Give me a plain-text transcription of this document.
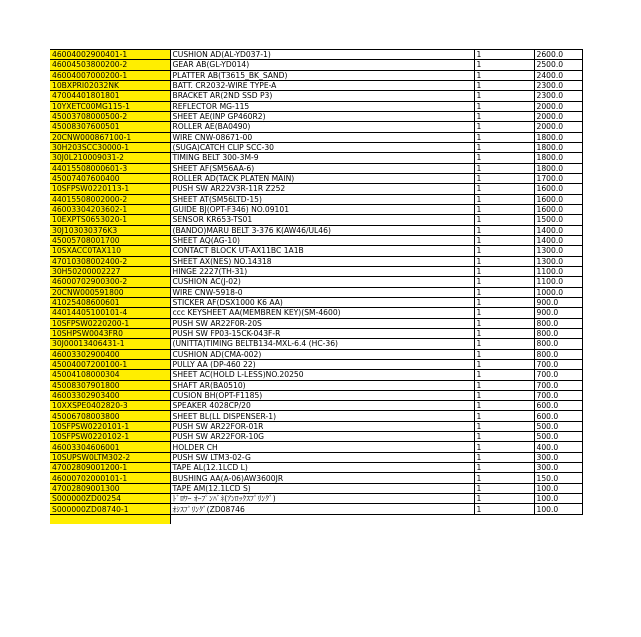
46004002900401-1	CUSHION AD(AL-YD037-1)	1	2600.0
46004503800200-2	GEAR AB(GL-YD014)	1	2500.0
46004007000200-1	PLATTER AB(T3615_BK_SAND)	1	2400.0
10BXPRI02032NK	BATT. CR2032-WIRE TYPE-A	1	2300.0
47004401801801	BRACKET AR(2ND SSD P3)	1	2300.0
10YXETC00MG115-1	REFLECTOR MG-115	1	2000.0
45003708000500-2	SHEET AE(INP GP460R2)	1	2000.0
45008307600501	ROLLER AE(BA0490)	1	2000.0
20CNW000867100-1	WIRE CNW-08671-00	1	1800.0
30H203SCC30000-1	(SUGA)CATCH CLIP SCC-30	1	1800.0
30J0L210009031-2	TIMING BELT 300-3M-9	1	1800.0
44015508000601-3	SHEET AF(SM56AA-6)	1	1800.0
45007407600400	ROLLER AD(TACK PLATEN MAIN)	1	1700.0
10SFPSW0220113-1	PUSH SW AR22V3R-11R Z252	1	1600.0
44015508002000-2	SHEET AT(SM56LTD-15)	1	1600.0
46003304203602-1	GUIDE BJ(OPT-F346) NO.09101	1	1600.0
10EXPTS0653020-1	SENSOR KR653-TS01	1	1500.0
30J103030376K3	(BANDO)MARU BELT 3-376 K(AW46/UL46)	1	1400.0
45005708001700	SHEET AQ(AG-10)	1	1400.0
10SXACC0TAX110	CONTACT BLOCK UT-AX11BC 1A1B	1	1300.0
47010308002400-2	SHEET AX(NES) NO.14318	1	1300.0
30H50200002227	HINGE 2227(TH-31)	1	1100.0
46000702900300-2	CUSHION AC(J-02)	1	1100.0
20CNW000591800	WIRE CNW-5918-0	1	1000.0
41025408600601	STICKER AF(DSX1000 K6 AA)	1	900.0
44014405100101-4	ccc KEYSHEET AA(MEMBREN KEY)(SM-4600)	1	900.0
10SFPSW0220200-1	PUSH SW AR22F0R-20S	1	800.0
10SHPSW0043FR0	PUSH SW FP03-15CK-043F-R	1	800.0
30J00013406431-1	(UNITTA)TIMING BELTB134-MXL-6.4 (HC-36)	1	800.0
46003302900400	CUSHION AD(CMA-002)	1	800.0
45004007200100-1	PULLY AA (DP-460 22)	1	700.0
45004108000304	SHEET AC(HOLD L-LESS)NO.20250	1	700.0
45008307901800	SHAFT AR(BA0510)	1	700.0
46003302903400	CUSION BH(OPT-F1185)	1	700.0
10XXSPE0402820-3	SPEAKER 4028CP/20	1	600.0
45006708003800	SHEET BL(LL DISPENSER-1)	1	600.0
10SFPSW0220101-1	PUSH SW AR22FOR-01R	1	500.0
10SFPSW0220102-1	PUSH SW AR22FOR-10G	1	500.0
46003304606001	HOLDER CH	1	400.0
10SUPSW0LTM302-2	PUSH SW LTM3-02-G	1	300.0
47002809001200-1	TAPE AL(12.1LCD L)	1	300.0
46000702000101-1	BUSHING AA(A-06)AW3600JR	1	150.0
47002809001300	TAPE AM(12.1LCD S)	1	100.0
S000000ZD00254	ﾄﾞﾛﾜｰ ｵｰﾌﾟﾝﾊﾞﾈ(ｱﾝﾛｯｸｽﾌﾟﾘﾝｸﾞ)	1	100.0
S000000ZD08740-1	ｵｼｽﾌﾟﾘﾝｸﾞ(ZD08746	1	100.0
